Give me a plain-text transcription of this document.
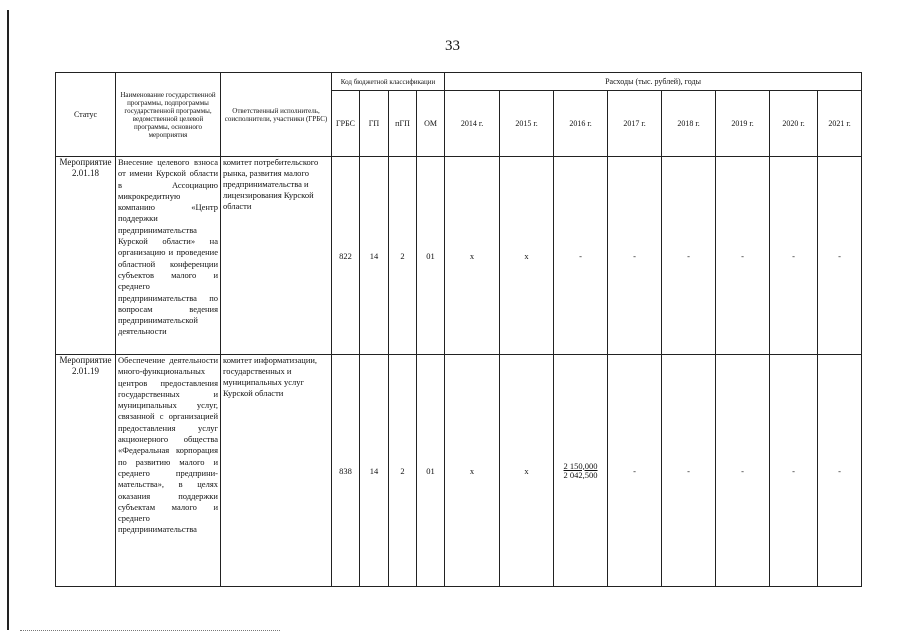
33
Статус	Наименование государственной программы, подпрограммы государственной программы, ведомственной целевой программы, основного мероприятия	Ответственный исполнитель, соисполнители, участники (ГРБС)	Код бюджетной классификации				Расходы (тыс. рублей), годы							
			ГРБС	ГП	пГП	ОМ	2014 г.	2015 г.	2016 г.	2017 г.	2018 г.	2019 г.	2020 г.	2021 г.
Мероприятие 2.01.18	Внесение целевого взноса от имени Курской области в Ассоциацию микрокредитную компанию «Центр поддержки предпринимательства Курской области» на организацию и проведение областной конференции субъектов малого и среднего предпринимательства по вопросам ведения предпринимательской деятельности	комитет потребительского рынка, развития малого предпринимательства и лицензирования Курской области	822	14	2	01	х	х	-	-	-	-	-	-
Мероприятие 2.01.19	Обеспечение деятельности много-функциональных центров предоставления государственных и муниципальных услуг, связанной с организацией предоставления услуг акционерного общества «Федеральная корпорация по развитию малого и среднего предприни-мательства», в целях оказания поддержки субъектам малого и среднего предпринимательства	комитет информатизации, государственных и муниципальных услуг Курской области	838	14	2	01	х	х	$\frac{2 150,000}{2 042,500}$	-	-	-	-	-
